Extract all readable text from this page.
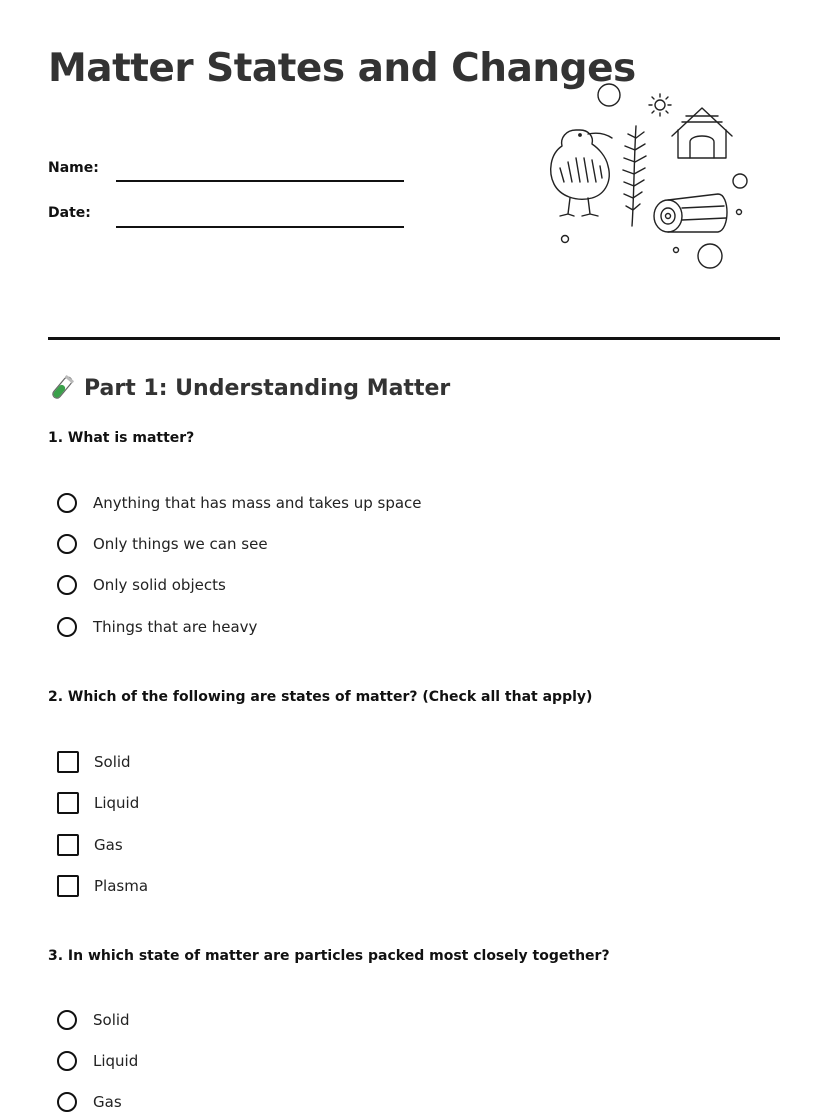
Matter States and Changes
Name:
Date:
Part 1: Understanding Matter
1. What is matter?
Anything that has mass and takes up space
Only things we can see
Only solid objects
Things that are heavy
2. Which of the following are states of matter? (Check all that apply)
Solid
Liquid
Gas
Plasma
3. In which state of matter are particles packed most closely together?
Solid
Liquid
Gas
